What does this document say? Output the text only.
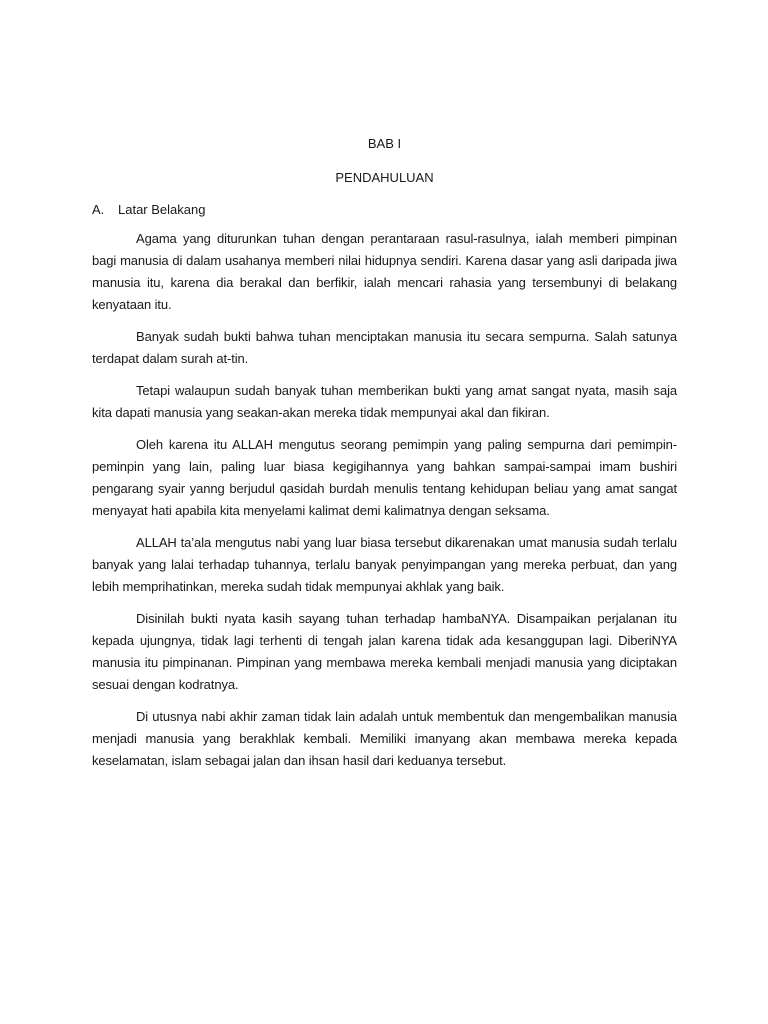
BAB I

PENDAHULUAN

A.	Latar Belakang

Agama yang diturunkan tuhan dengan perantaraan rasul-rasulnya, ialah memberi pimpinan bagi manusia di dalam usahanya memberi nilai hidupnya sendiri. Karena dasar yang asli daripada jiwa manusia itu, karena dia berakal dan berfikir, ialah mencari rahasia yang tersembunyi di belakang kenyataan itu.

Banyak sudah bukti bahwa tuhan menciptakan manusia itu secara sempurna. Salah satunya terdapat dalam surah at-tin.

Tetapi walaupun sudah banyak tuhan memberikan bukti yang amat sangat nyata, masih saja kita dapati manusia yang seakan-akan mereka tidak mempunyai akal dan fikiran.

Oleh karena itu ALLAH mengutus seorang pemimpin yang paling sempurna dari pemimpin-peminpin yang lain, paling luar biasa kegigihannya yang bahkan sampai-sampai imam bushiri pengarang syair yanng berjudul qasidah burdah menulis tentang kehidupan beliau yang amat sangat menyayat hati apabila kita menyelami kalimat demi kalimatnya dengan seksama.

ALLAH ta’ala mengutus nabi yang luar biasa tersebut dikarenakan umat manusia sudah terlalu banyak yang lalai terhadap tuhannya, terlalu banyak penyimpangan yang mereka perbuat, dan yang lebih memprihatinkan, mereka sudah tidak mempunyai akhlak yang baik.

Disinilah bukti nyata kasih sayang tuhan terhadap hambaNYA. Disampaikan perjalanan itu kepada ujungnya, tidak lagi terhenti di tengah jalan karena tidak ada kesanggupan lagi. DiberiNYA manusia itu pimpinanan. Pimpinan yang membawa mereka kembali menjadi manusia yang diciptakan sesuai dengan kodratnya.

Di utusnya nabi akhir zaman tidak lain adalah untuk membentuk dan mengembalikan manusia menjadi manusia yang berakhlak kembali. Memiliki imanyang akan membawa mereka kepada keselamatan, islam sebagai jalan dan ihsan hasil dari keduanya tersebut.
